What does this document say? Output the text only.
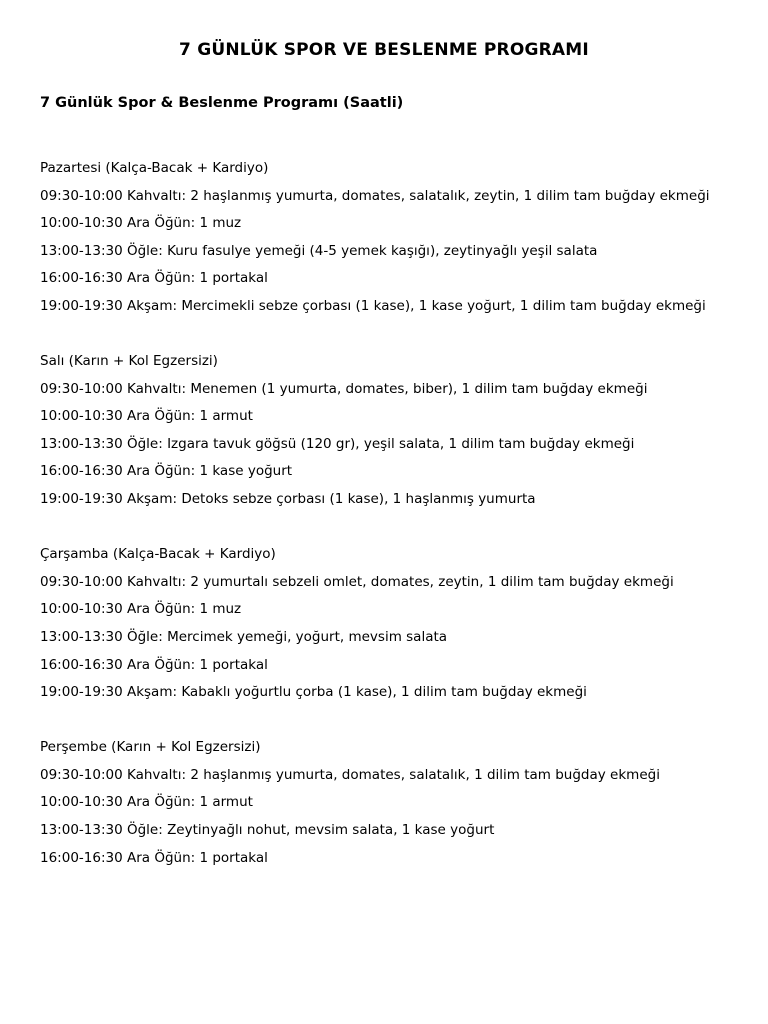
7 GÜNLÜK SPOR VE BESLENME PROGRAMI
7 Günlük Spor & Beslenme Programı (Saatli)
Pazartesi (Kalça-Bacak + Kardiyo)
09:30-10:00 Kahvaltı: 2 haşlanmış yumurta, domates, salatalık, zeytin, 1 dilim tam buğday ekmeği
10:00-10:30 Ara Öğün: 1 muz
13:00-13:30 Öğle: Kuru fasulye yemeği (4-5 yemek kaşığı), zeytinyağlı yeşil salata
16:00-16:30 Ara Öğün: 1 portakal
19:00-19:30 Akşam: Mercimekli sebze çorbası (1 kase), 1 kase yoğurt, 1 dilim tam buğday ekmeği
Salı (Karın + Kol Egzersizi)
09:30-10:00 Kahvaltı: Menemen (1 yumurta, domates, biber), 1 dilim tam buğday ekmeği
10:00-10:30 Ara Öğün: 1 armut
13:00-13:30 Öğle: Izgara tavuk göğsü (120 gr), yeşil salata, 1 dilim tam buğday ekmeği
16:00-16:30 Ara Öğün: 1 kase yoğurt
19:00-19:30 Akşam: Detoks sebze çorbası (1 kase), 1 haşlanmış yumurta
Çarşamba (Kalça-Bacak + Kardiyo)
09:30-10:00 Kahvaltı: 2 yumurtalı sebzeli omlet, domates, zeytin, 1 dilim tam buğday ekmeği
10:00-10:30 Ara Öğün: 1 muz
13:00-13:30 Öğle: Mercimek yemeği, yoğurt, mevsim salata
16:00-16:30 Ara Öğün: 1 portakal
19:00-19:30 Akşam: Kabaklı yoğurtlu çorba (1 kase), 1 dilim tam buğday ekmeği
Perşembe (Karın + Kol Egzersizi)
09:30-10:00 Kahvaltı: 2 haşlanmış yumurta, domates, salatalık, 1 dilim tam buğday ekmeği
10:00-10:30 Ara Öğün: 1 armut
13:00-13:30 Öğle: Zeytinyağlı nohut, mevsim salata, 1 kase yoğurt
16:00-16:30 Ara Öğün: 1 portakal
